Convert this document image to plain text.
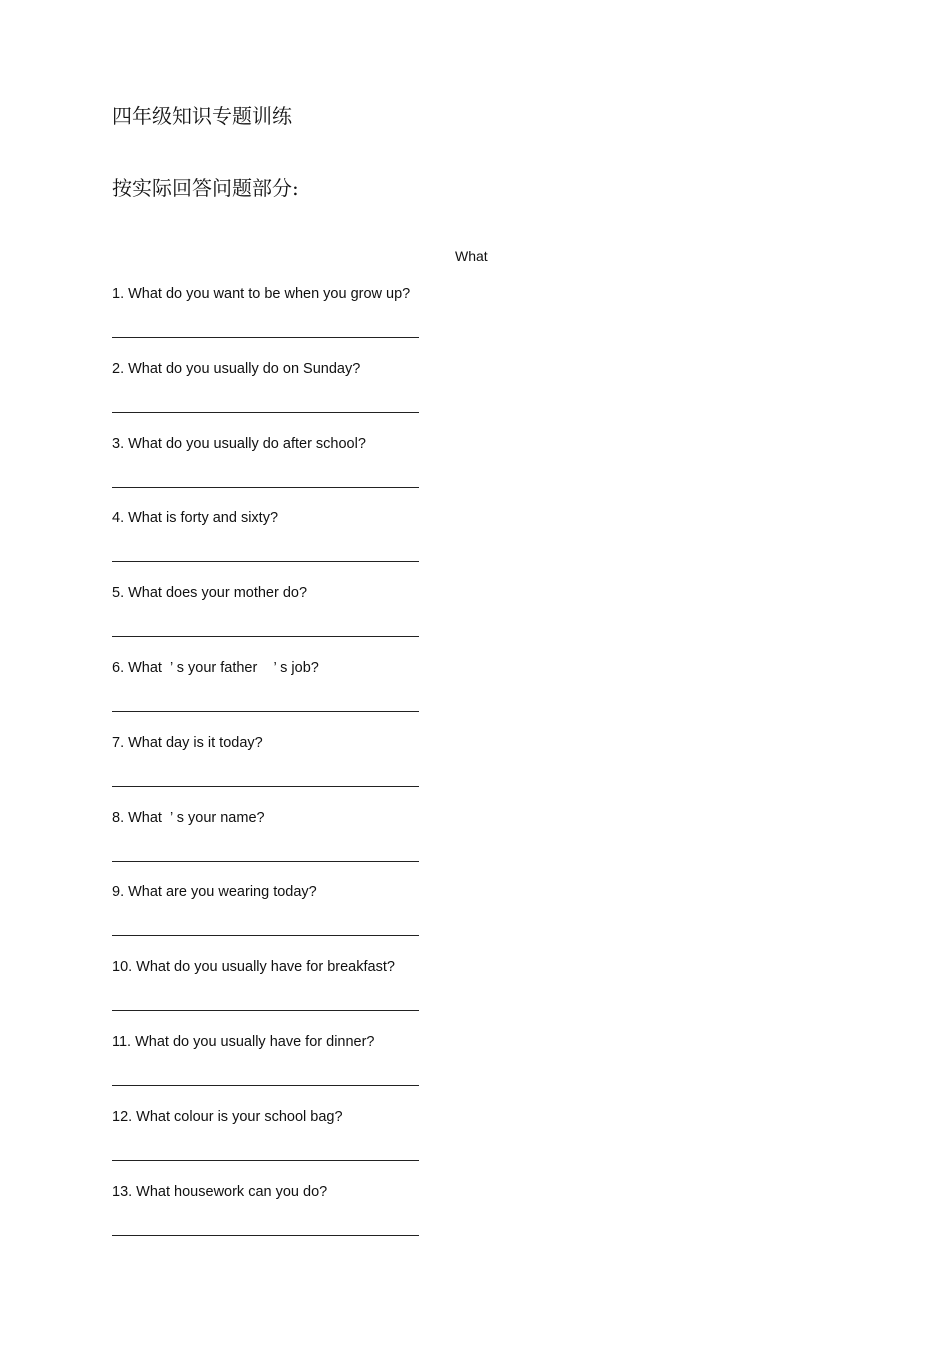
四年级知识专题训练
按实际回答问题部分:
What
1. What do you want to be when you grow up?
2. What do you usually do on Sunday?
3. What do you usually do after school?
4. What is forty and sixty?
5. What does your mother do?
6. What  ’ s your father    ’ s job?
7. What day is it today?
8. What  ’ s your name?
9. What are you wearing today?
10. What do you usually have for breakfast?
11. What do you usually have for dinner?
12. What colour is your school bag?
13. What housework can you do?
